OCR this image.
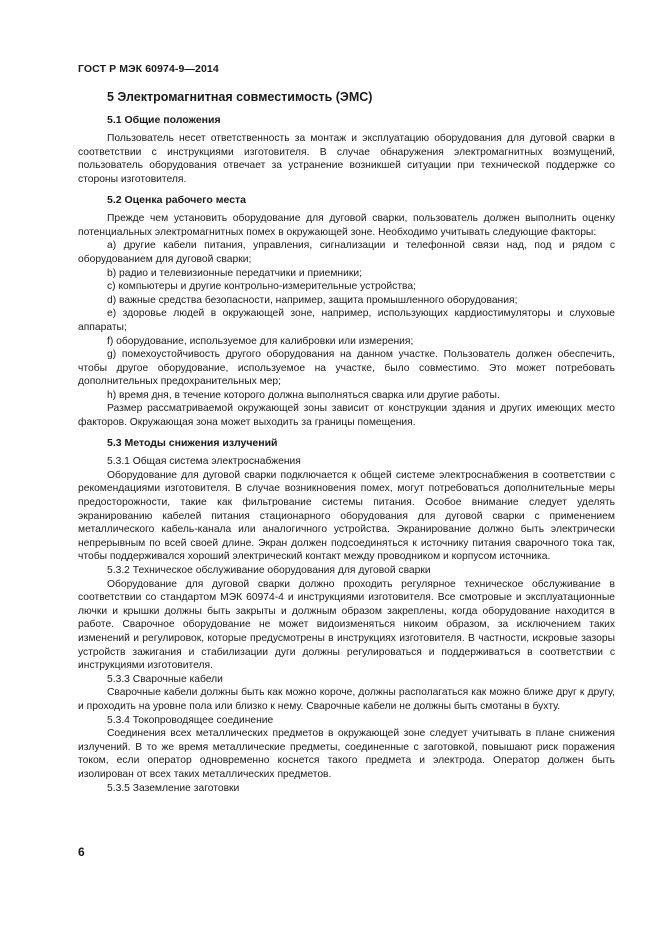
ГОСТ Р МЭК 60974-9—2014
5 Электромагнитная совместимость (ЭМС)
5.1 Общие положения

Пользователь несет ответственность за монтаж и эксплуатацию оборудования для дуговой сварки в соответствии с инструкциями изготовителя. В случае обнаружения электромагнитных возмущений, пользователь оборудования отвечает за устранение возникшей ситуации при технической поддержке со стороны изготовителя.

5.2 Оценка рабочего места

Прежде чем установить оборудование для дуговой сварки, пользователь должен выполнить оценку потенциальных электромагнитных помех в окружающей зоне. Необходимо учитывать следующие факторы:

a) другие кабели питания, управления, сигнализации и телефонной связи над, под и рядом с оборудованием для дуговой сварки;

b) радио и телевизионные передатчики и приемники;

c) компьютеры и другие контрольно-измерительные устройства;

d) важные средства безопасности, например, защита промышленного оборудования;

e) здоровье людей в окружающей зоне, например, использующих кардиостимуляторы и слуховые аппараты;

f) оборудование, используемое для калибровки или измерения;

g) помехоустойчивость другого оборудования на данном участке. Пользователь должен обеспечить, чтобы другое оборудование, используемое на участке, было совместимо. Это может потребовать дополнительных предохранительных мер;

h) время дня, в течение которого должна выполняться сварка или другие работы.

Размер рассматриваемой окружающей зоны зависит от конструкции здания и других имеющих место факторов. Окружающая зона может выходить за границы помещения.

5.3 Методы снижения излучений

5.3.1 Общая система электроснабжения

Оборудование для дуговой сварки подключается к общей системе электроснабжения в соответствии с рекомендациями изготовителя. В случае возникновения помех, могут потребоваться дополнительные меры предосторожности, такие как фильтрование системы питания. Особое внимание следует уделять экранированию кабелей питания стационарного оборудования для дуговой сварки с применением металлического кабель-канала или аналогичного устройства. Экранирование должно быть электрически непрерывным по всей своей длине. Экран должен подсоединяться к источнику питания сварочного тока так, чтобы поддерживался хороший электрический контакт между проводником и корпусом источника.

5.3.2 Техническое обслуживание оборудования для дуговой сварки

Оборудование для дуговой сварки должно проходить регулярное техническое обслуживание в соответствии со стандартом МЭК 60974-4 и инструкциями изготовителя. Все смотровые и эксплуатационные лючки и крышки должны быть закрыты и должным образом закреплены, когда оборудование находится в работе. Сварочное оборудование не может видоизменяться никоим образом, за исключением таких изменений и регулировок, которые предусмотрены в инструкциях изготовителя. В частности, искровые зазоры устройств зажигания и стабилизации дуги должны регулироваться и поддерживаться в соответствии с инструкциями изготовителя.

5.3.3 Сварочные кабели

Сварочные кабели должны быть как можно короче, должны располагаться как можно ближе друг к другу, и проходить на уровне пола или близко к нему. Сварочные кабели не должны быть смотаны в бухту.

5.3.4 Токопроводящее соединение

Соединения всех металлических предметов в окружающей зоне следует учитывать в плане снижения излучений. В то же время металлические предметы, соединенные с заготовкой, повышают риск поражения током, если оператор одновременно коснется такого предмета и электрода. Оператор должен быть изолирован от всех таких металлических предметов.

5.3.5 Заземление заготовки

6
